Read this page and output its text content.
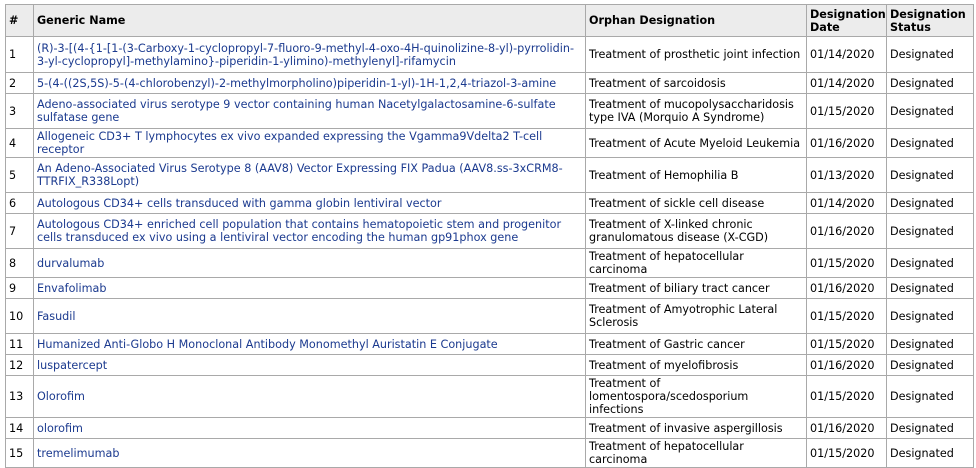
#	Generic Name	Orphan Designation	Designation Date	Designation Status
1	(R)-3-[(4-{1-[1-(3-Carboxy-1-cyclopropyl-7-fluoro-9-methyl-4-oxo-4H-quinolizine-8-yl)-pyrrolidin-3-yl-cyclopropyl]-methylamino}-piperidin-1-ylimino)-methylenyl]-rifamycin	Treatment of prosthetic joint infection	01/14/2020	Designated
2	5-(4-((2S,5S)-5-(4-chlorobenzyl)-2-methylmorpholino)piperidin-1-yl)-1H-1,2,4-triazol-3-amine	Treatment of sarcoidosis	01/14/2020	Designated
3	Adeno-associated virus serotype 9 vector containing human Nacetylgalactosamine-6-sulfate sulfatase gene	Treatment of mucopolysaccharidosis type IVA (Morquio A Syndrome)	01/15/2020	Designated
4	Allogeneic CD3+ T lymphocytes ex vivo expanded expressing the Vgamma9Vdelta2 T-cell receptor	Treatment of Acute Myeloid Leukemia	01/16/2020	Designated
5	An Adeno-Associated Virus Serotype 8 (AAV8) Vector Expressing FIX Padua (AAV8.ss-3xCRM8-TTRFIX_R338Lopt)	Treatment of Hemophilia B	01/13/2020	Designated
6	Autologous CD34+ cells transduced with gamma globin lentiviral vector	Treatment of sickle cell disease	01/14/2020	Designated
7	Autologous CD34+ enriched cell population that contains hematopoietic stem and progenitor cells transduced ex vivo using a lentiviral vector encoding the human gp91phox gene	Treatment of X-linked chronic granulomatous disease (X-CGD)	01/16/2020	Designated
8	durvalumab	Treatment of hepatocellular carcinoma	01/15/2020	Designated
9	Envafolimab	Treatment of biliary tract cancer	01/16/2020	Designated
10	Fasudil	Treatment of Amyotrophic Lateral Sclerosis	01/15/2020	Designated
11	Humanized Anti-Globo H Monoclonal Antibody Monomethyl Auristatin E Conjugate	Treatment of Gastric cancer	01/15/2020	Designated
12	luspatercept	Treatment of myelofibrosis	01/16/2020	Designated
13	Olorofim	Treatment of lomentospora/scedosporium infections	01/15/2020	Designated
14	olorofim	Treatment of invasive aspergillosis	01/16/2020	Designated
15	tremelimumab	Treatment of hepatocellular carcinoma	01/15/2020	Designated
